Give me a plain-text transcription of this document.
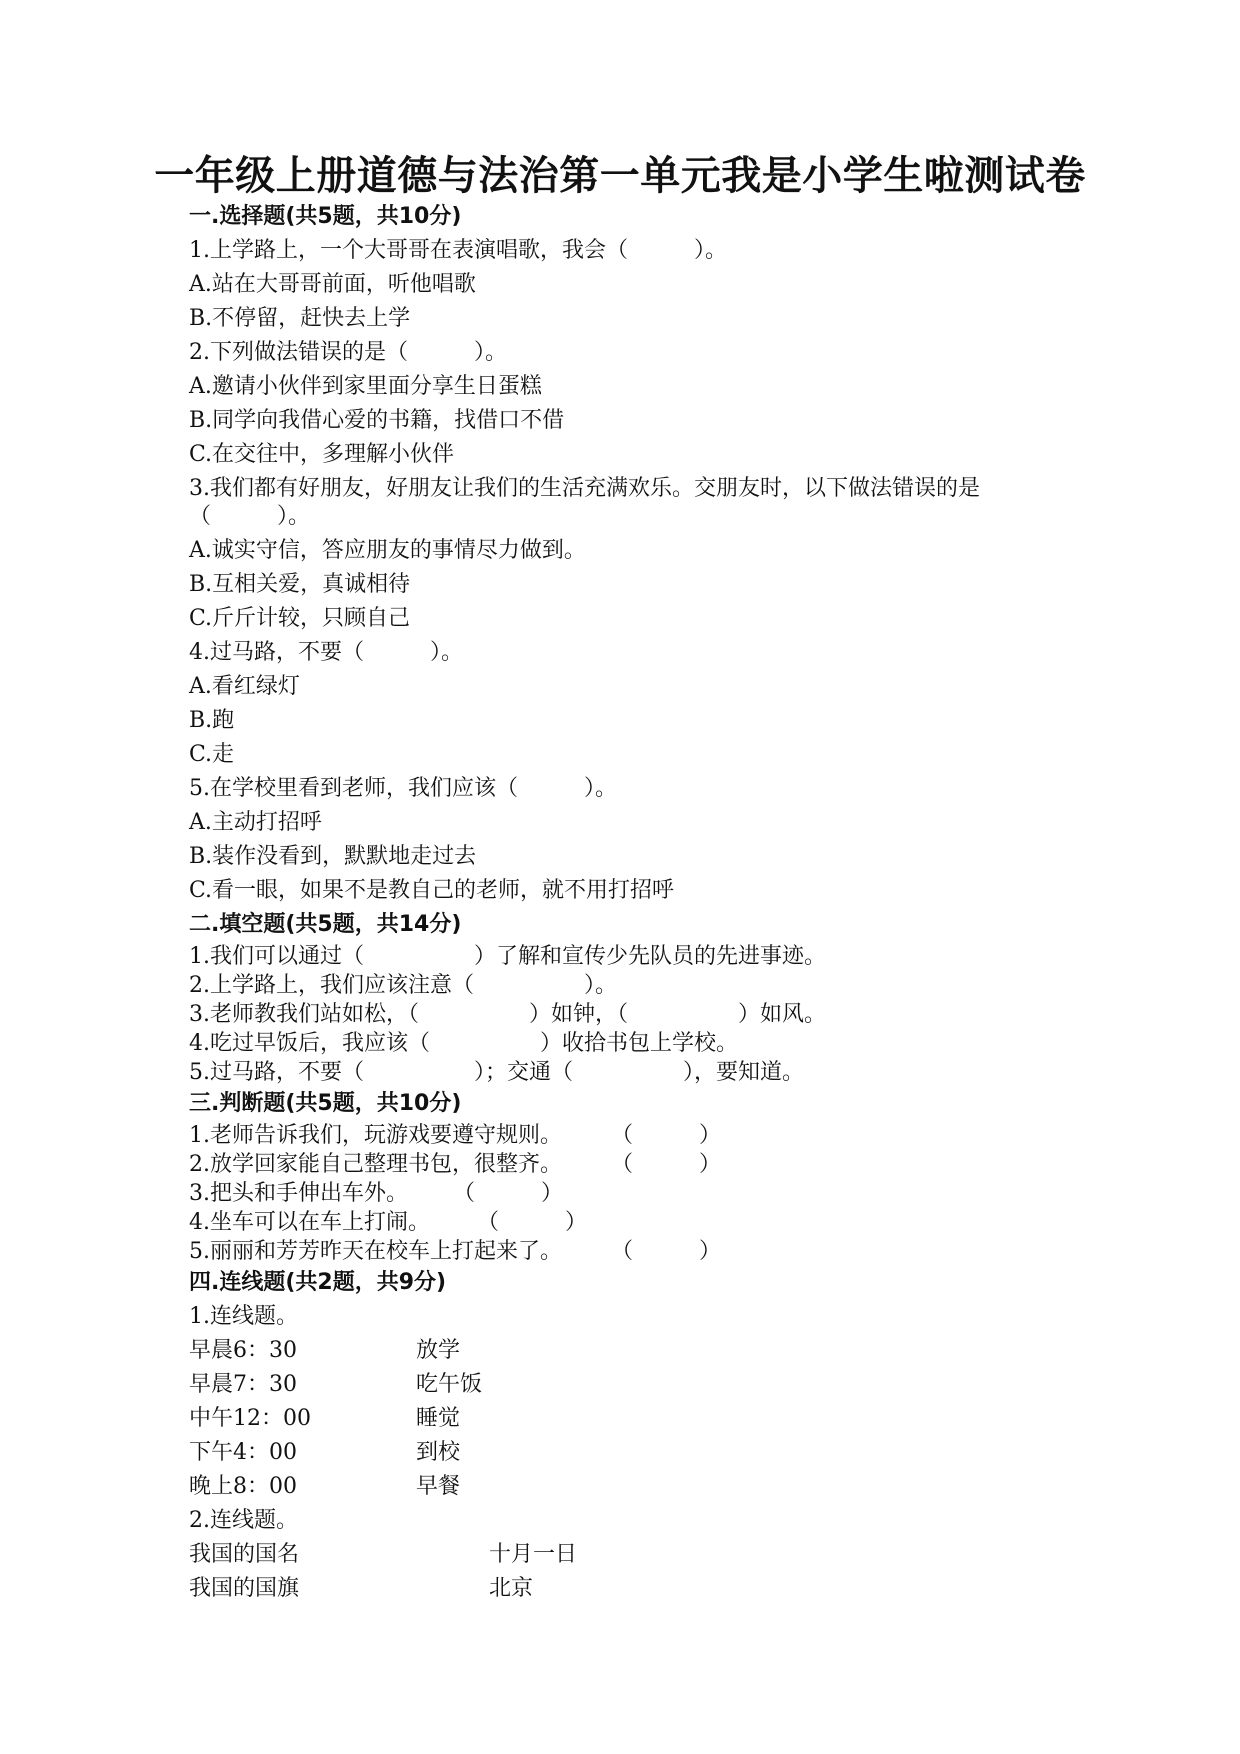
一年级上册道德与法治第一单元我是小学生啦测试卷
一.选择题(共5题，共10分)
1.上学路上，一个大哥哥在表演唱歌，我会（　　　）。
A.站在大哥哥前面，听他唱歌
B.不停留，赶快去上学
2.下列做法错误的是（　　　）。
A.邀请小伙伴到家里面分享生日蛋糕
B.同学向我借心爱的书籍，找借口不借
C.在交往中，多理解小伙伴
3.我们都有好朋友，好朋友让我们的生活充满欢乐。交朋友时，以下做法错误的是（　　　）。
A.诚实守信，答应朋友的事情尽力做到。
B.互相关爱，真诚相待
C.斤斤计较，只顾自己
4.过马路，不要（　　　）。
A.看红绿灯
B.跑
C.走
5.在学校里看到老师，我们应该（　　　）。
A.主动打招呼
B.装作没看到，默默地走过去
C.看一眼，如果不是教自己的老师，就不用打招呼
二.填空题(共5题，共14分)
1.我们可以通过（　　　　　）了解和宣传少先队员的先进事迹。
2.上学路上，我们应该注意（　　　　　）。
3.老师教我们站如松，（　　　　　）如钟，（　　　　　）如风。
4.吃过早饭后，我应该（　　　　　）收拾书包上学校。
5.过马路，不要（　　　　　）；交通（　　　　　），要知道。
三.判断题(共5题，共10分)
1.老师告诉我们，玩游戏要遵守规则。 （　　　）
2.放学回家能自己整理书包，很整齐。 （　　　）
3.把头和手伸出车外。 （　　　）
4.坐车可以在车上打闹。 （　　　）
5.丽丽和芳芳昨天在校车上打起来了。 （　　　）
四.连线题(共2题，共9分)
1.连线题。
早晨6：30	放学
早晨7：30	吃午饭
中午12：00	睡觉
下午4：00	到校
晚上8：00	早餐
2.连线题。
我国的国名	十月一日
我国的国旗	北京
